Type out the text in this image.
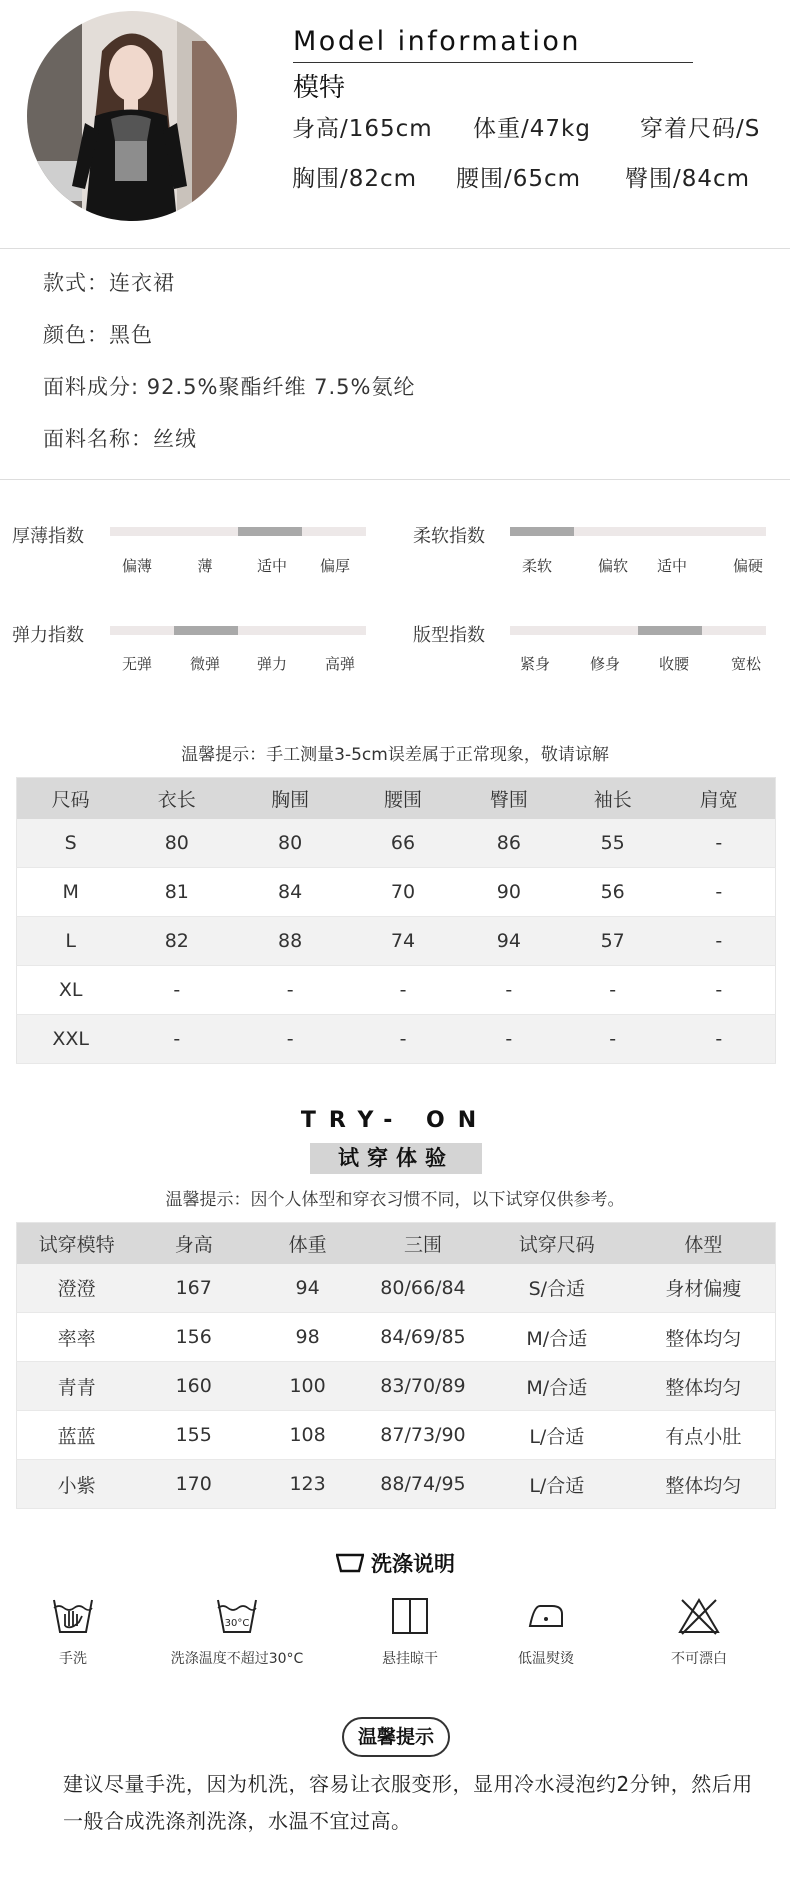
Model information
模特
身高/165cm 体重/47kg 穿着尺码/S
胸围/82cm 腰围/65cm 臀围/84cm
款式：连衣裙
颜色：黑色
面料成分: 92.5%聚酯纤维 7.5%氨纶
面料名称：丝绒
厚薄指数
偏薄	薄	适中 偏厚
柔软指数
柔软	偏软 适中	偏硬
弹力指数
无弹	微弹 弹力	高弹
版型指数
紧身	修身	收腰	宽松
温馨提示：手工测量3-5cm误差属于正常现象，敬请谅解
尺码	衣长	胸围	腰围	臀围	袖长	肩宽
S	80	80	66	86	55	-
M	81	84	70	90	56	-
L	82	88	74	94	57	-
XL	-	-	-	-	-	-
XXL	-	-	-	-	-	-
TRY- ON
试穿体验
温馨提示：因个人体型和穿衣习惯不同，以下试穿仅供参考。
试穿模特	身高	体重	三围	试穿尺码	体型
澄澄	167	94	80/66/84	S/合适	身材偏瘦
率率	156	98	84/69/85	M/合适	整体均匀
青青	160	100	83/70/89	M/合适	整体均匀
蓝蓝	155	108	87/73/90	L/合适	有点小肚
小紫	170	123	88/74/95	L/合适	整体均匀
洗涤说明
手洗
30°C
洗涤温度不超过30°C	悬挂晾干	低温熨烫	不可漂白
温馨提示
建议尽量手洗，因为机洗，容易让衣服变形，显用冷水浸泡约2分钟，然后用一般合成洗涤剂洗涤，水温不宜过高。
